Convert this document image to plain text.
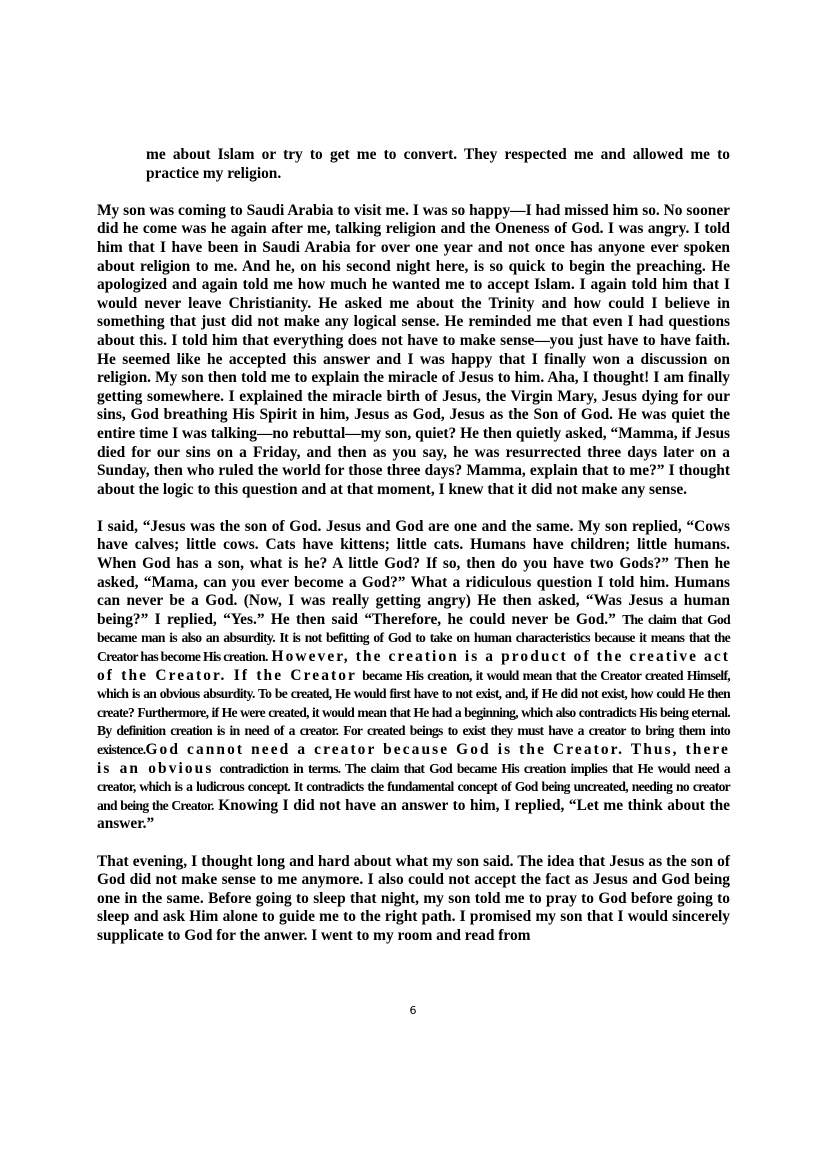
me about Islam or try to get me to convert. They respected me and allowed me to practice my religion.

My son was coming to Saudi Arabia to visit me. I was so happy—I had missed him so. No sooner did he come was he again after me, talking religion and the Oneness of God. I was angry. I told him that I have been in Saudi Arabia for over one year and not once has anyone ever spoken about religion to me. And he, on his second night here, is so quick to begin the preaching. He apologized and again told me how much he wanted me to accept Islam. I again told him that I would never leave Christianity. He asked me about the Trinity and how could I believe in something that just did not make any logical sense. He reminded me that even I had questions about this. I told him that everything does not have to make sense—you just have to have faith. He seemed like he accepted this answer and I was happy that I finally won a discussion on religion. My son then told me to explain the miracle of Jesus to him. Aha, I thought! I am finally getting somewhere. I explained the miracle birth of Jesus, the Virgin Mary, Jesus dying for our sins, God breathing His Spirit in him, Jesus as God, Jesus as the Son of God. He was quiet the entire time I was talking—no rebuttal—my son, quiet? He then quietly asked, “Mamma, if Jesus died for our sins on a Friday, and then as you say, he was resurrected three days later on a Sunday, then who ruled the world for those three days? Mamma, explain that to me?” I thought about the logic to this question and at that moment, I knew that it did not make any sense.

I said, “Jesus was the son of God. Jesus and God are one and the same. My son replied, “Cows have calves; little cows. Cats have kittens; little cats. Humans have children; little humans. When God has a son, what is he? A little God? If so, then do you have two Gods?” Then he asked, “Mama, can you ever become a God?” What a ridiculous question I told him. Humans can never be a God. (Now, I was really getting angry) He then asked, “Was Jesus a human being?” I replied, “Yes.” He then said “Therefore, he could never be God.” The claim that God became man is also an absurdity. It is not befitting of God to take on human characteristics because it means that the Creator has become His creation. However, the creation is a product of the creative act of the Creator. If the Creator became His creation, it would mean that the Creator created Himself, which is an obvious absurdity. To be created, He would first have to not exist, and, if He did not exist, how could He then create? Furthermore, if He were created, it would mean that He had a beginning, which also contradicts His being eternal. By definition creation is in need of a creator. For created beings to exist they must have a creator to bring them into existence.God cannot need a creator because God is the Creator. Thus, there is an obvious contradiction in terms. The claim that God became His creation implies that He would need a creator, which is a ludicrous concept. It contradicts the fundamental concept of God being uncreated, needing no creator and being the Creator. Knowing I did not have an answer to him, I replied, “Let me think about the answer.”

That evening, I thought long and hard about what my son said. The idea that Jesus as the son of God did not make sense to me anymore. I also could not accept the fact as Jesus and God being one in the same. Before going to sleep that night, my son told me to pray to God before going to sleep and ask Him alone to guide me to the right path. I promised my son that I would sincerely supplicate to God for the anwer. I went to my room and read from

6
